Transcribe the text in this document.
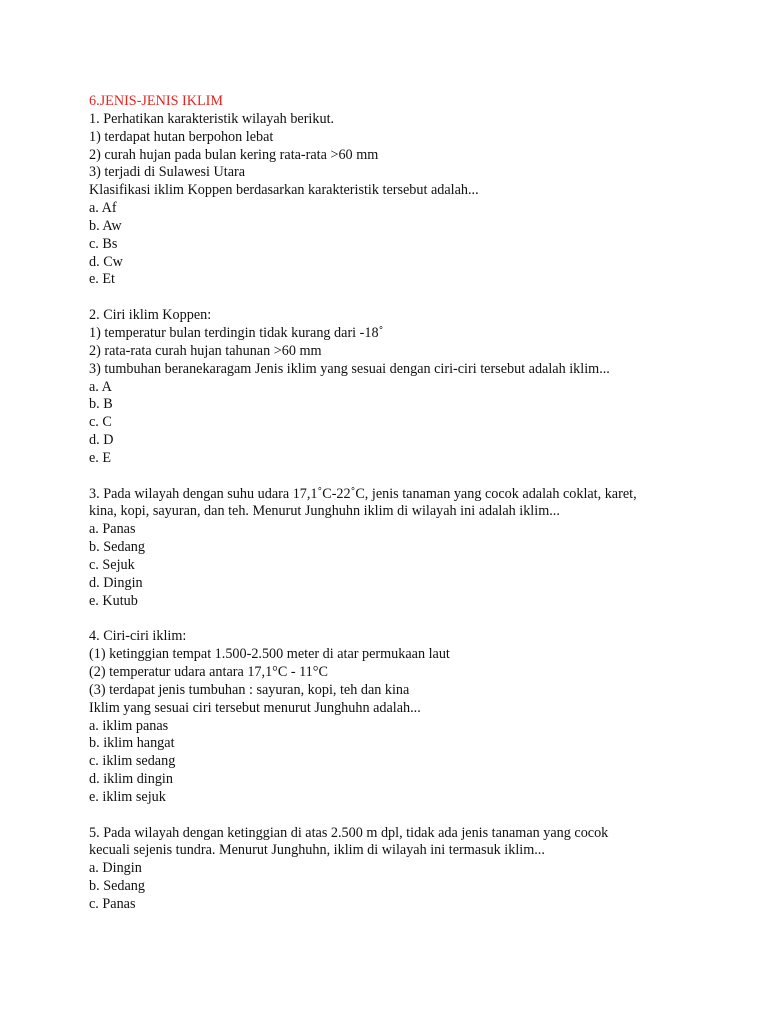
6.JENIS-JENIS IKLIM
1. Perhatikan karakteristik wilayah berikut.
1) terdapat hutan berpohon lebat
2) curah hujan pada bulan kering rata-rata >60 mm
3) terjadi di Sulawesi Utara
Klasifikasi iklim Koppen berdasarkan karakteristik tersebut adalah...
a. Af
b. Aw
c. Bs
d. Cw
e. Et
2. Ciri iklim Koppen:
1) temperatur bulan terdingin tidak kurang dari -18˚
2) rata-rata curah hujan tahunan >60 mm
3) tumbuhan beranekaragam Jenis iklim yang sesuai dengan ciri-ciri tersebut adalah iklim...
a. A
b. B
c. C
d. D
e. E
3. Pada wilayah dengan suhu udara 17,1˚C-22˚C, jenis tanaman yang cocok adalah coklat, karet,
kina, kopi, sayuran, dan teh. Menurut Junghuhn iklim di wilayah ini adalah iklim...
a. Panas
b. Sedang
c. Sejuk
d. Dingin
e. Kutub
4. Ciri-ciri iklim:
(1) ketinggian tempat 1.500-2.500 meter di atar permukaan laut
(2) temperatur udara antara 17,1°C - 11°C
(3) terdapat jenis tumbuhan : sayuran, kopi, teh dan kina
Iklim yang sesuai ciri tersebut menurut Junghuhn adalah...
a. iklim panas
b. iklim hangat
c. iklim sedang
d. iklim dingin
e. iklim sejuk
5. Pada wilayah dengan ketinggian di atas 2.500 m dpl, tidak ada jenis tanaman yang cocok
kecuali sejenis tundra. Menurut Junghuhn, iklim di wilayah ini termasuk iklim...
a. Dingin
b. Sedang
c. Panas
